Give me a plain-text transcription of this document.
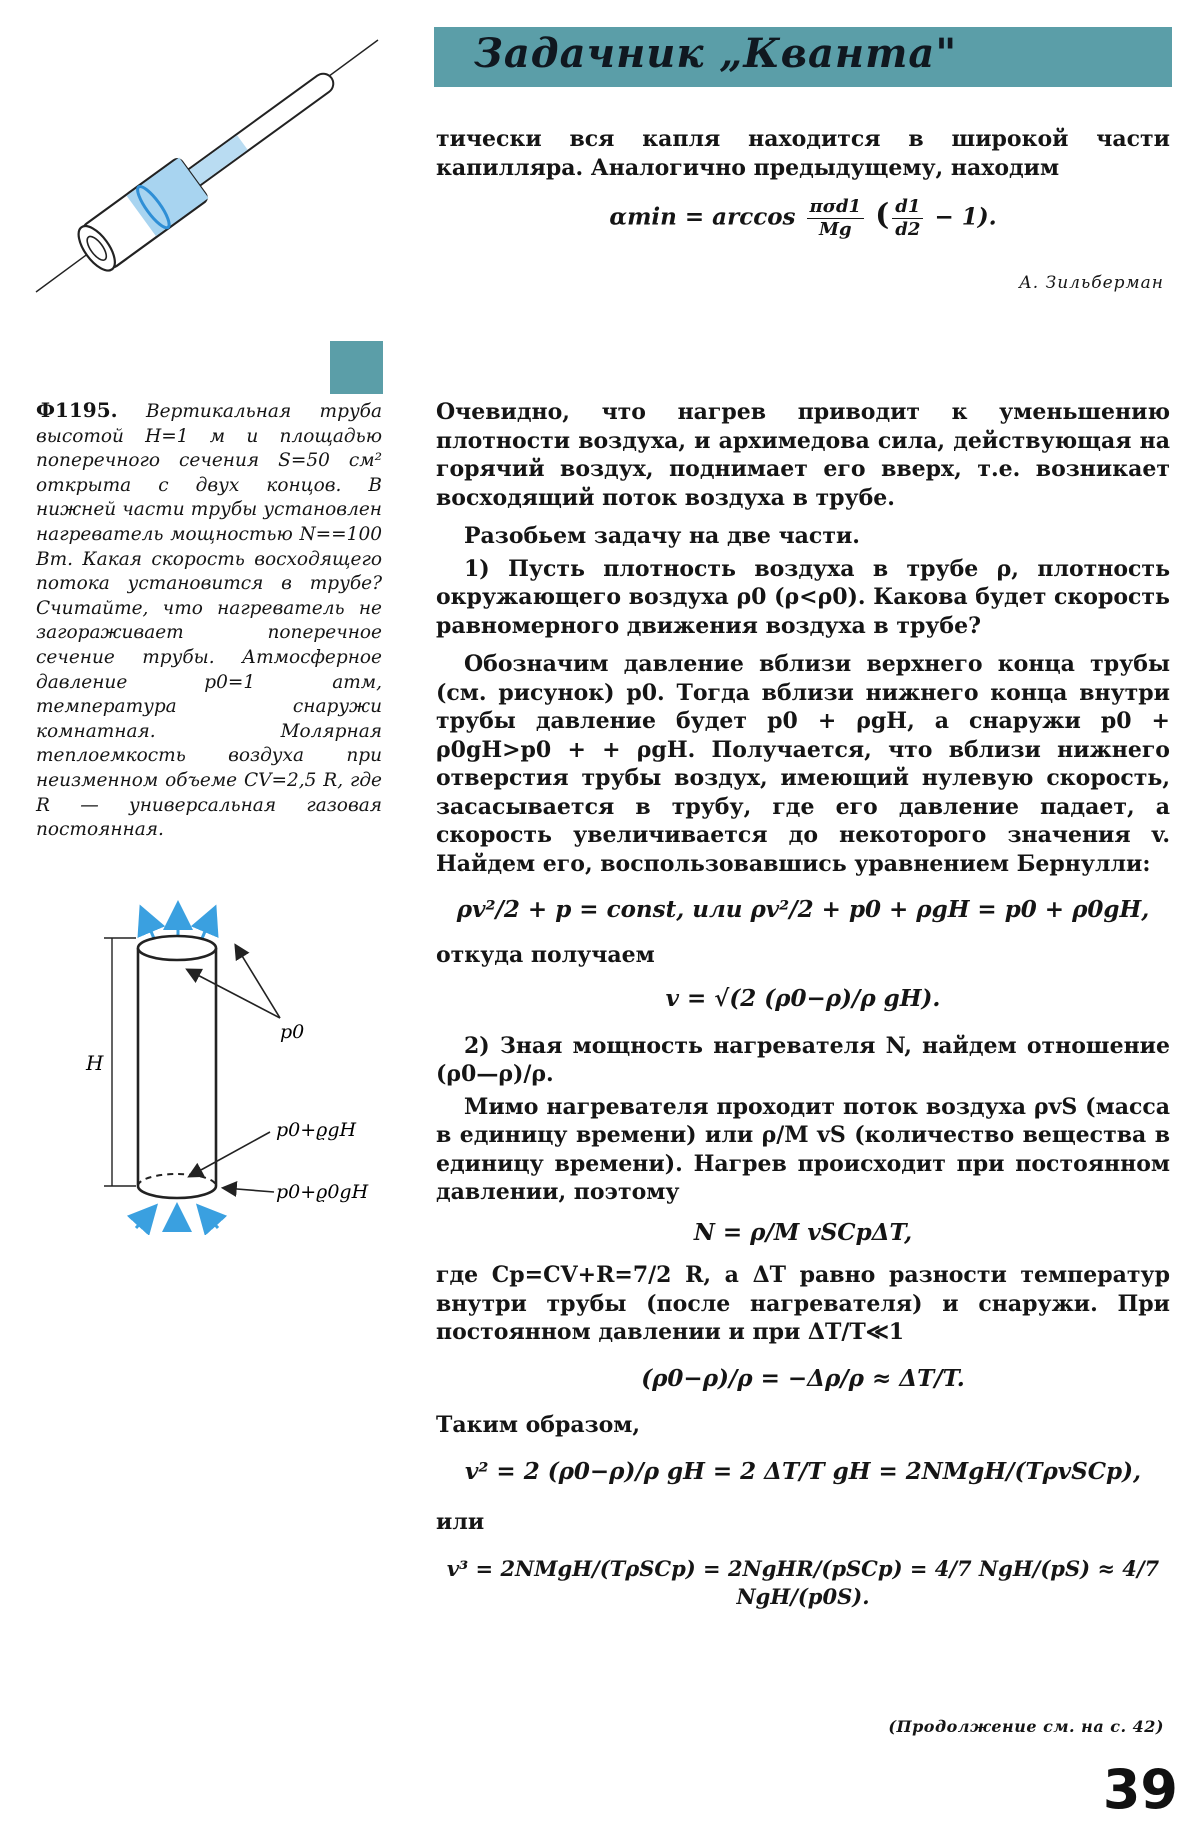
Задачник „Кванта"

тически вся капля находится в широкой части капилляра. Аналогично предыдущему, находим

αmin = arccos πσd1
Mg ( $\frac{d1}{d2} - 1$).
А. Зильберман
Ф1195. Вертикальная труба высотой H=1 м и площадью поперечного сечения S=50 см² открыта с двух концов. В нижней части трубы установлен нагреватель мощностью N==100 Вт. Какая скорость восходящего потока установится в трубе? Считайте, что нагреватель не загораживает поперечное сечение трубы. Атмосферное давление p0=1 атм, температура снаружи комнатная. Молярная теплоемкость воздуха при неизменном объеме CV=2,5 R, где R — универсальная газовая постоянная.
H
p0
p0+ϱgH
p0+ϱ0gH

Очевидно, что нагрев приводит к уменьшению плотности воздуха, и архимедова сила, действующая на горячий воздух, поднимает его вверх, т.е. возникает восходящий поток воздуха в трубе.

Разобьем задачу на две части.

1) Пусть плотность воздуха в трубе ρ, плотность окружающего воздуха ρ0 (ρ<ρ0). Какова будет скорость равномерного движения воздуха в трубе?

Обозначим давление вблизи верхнего конца трубы (см. рисунок) p0. Тогда вблизи нижнего конца внутри трубы давление будет p0 + ρgH, а снаружи p0 + ρ0gH>p0 + + ρgH. Получается, что вблизи нижнего отверстия трубы воздух, имеющий нулевую скорость, засасывается в трубу, где его давление падает, а скорость увеличивается до некоторого значения v. Найдем его, воспользовавшись уравнением Бернулли:

ρv²/2 + p = const, или ρv²/2 + p0 + ρgH = p0 + ρ0gH,

откуда получаем

v = √(2 (ρ0−ρ)/ρ gH).

2) Зная мощность нагревателя N, найдем отношение (ρ0—ρ)/ρ.

Мимо нагревателя проходит поток воздуха ρvS (масса в единицу времени) или ρ/M vS (количество вещества в единицу времени). Нагрев происходит при постоянном давлении, поэтому

N = ρ/M vSCpΔT,

где Cp=CV+R=7/2 R, а ΔT равно разности температур внутри трубы (после нагревателя) и снаружи. При постоянном давлении и при ΔT/T≪1

(ρ0−ρ)/ρ = −Δρ/ρ ≈ ΔT/T.

Таким образом,

v² = 2 (ρ0−ρ)/ρ gH = 2 ΔT/T gH = 2NMgH/(TρvSCp),

или

v³ = 2NMgH/(TρSCp) = 2NgHR/(pSCp) = 4/7 NgH/(pS) ≈ 4/7 NgH/(p0S).
(Продолжение см. на с. 42)
39
